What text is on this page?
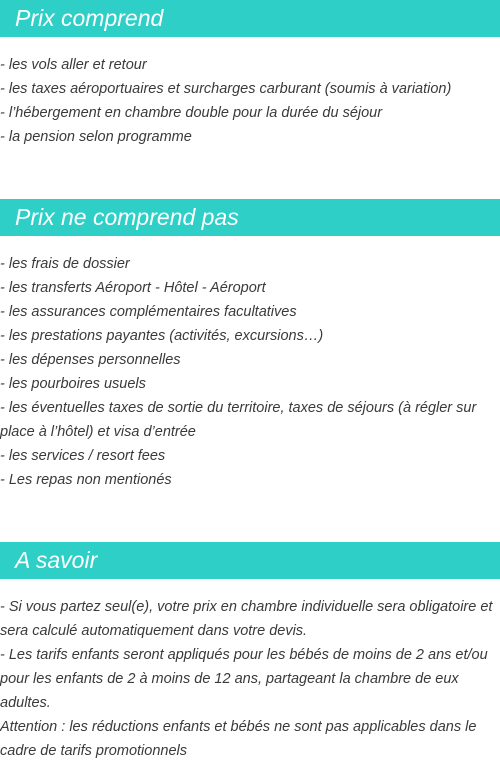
Prix comprend
- les vols aller et retour
- les taxes aéroportuaires et surcharges carburant (soumis à variation)
- l’hébergement en chambre double pour la durée du séjour
- la pension selon programme
Prix ne comprend pas
- les frais de dossier
- les transferts Aéroport - Hôtel - Aéroport
- les assurances complémentaires facultatives
- les prestations payantes (activités, excursions…)
- les dépenses personnelles
- les pourboires usuels
- les éventuelles taxes de sortie du territoire, taxes de séjours (à régler sur place à l’hôtel) et visa d’entrée
- les services / resort fees
- Les repas non mentionés
A savoir
- Si vous partez seul(e), votre prix en chambre individuelle sera obligatoire et sera calculé automatiquement dans votre devis.
- Les tarifs enfants seront appliqués pour les bébés de moins de 2 ans et/ou pour les enfants de 2 à moins de 12 ans, partageant la chambre de eux adultes.
Attention : les réductions enfants et bébés ne sont pas applicables dans le cadre de tarifs promotionnels
